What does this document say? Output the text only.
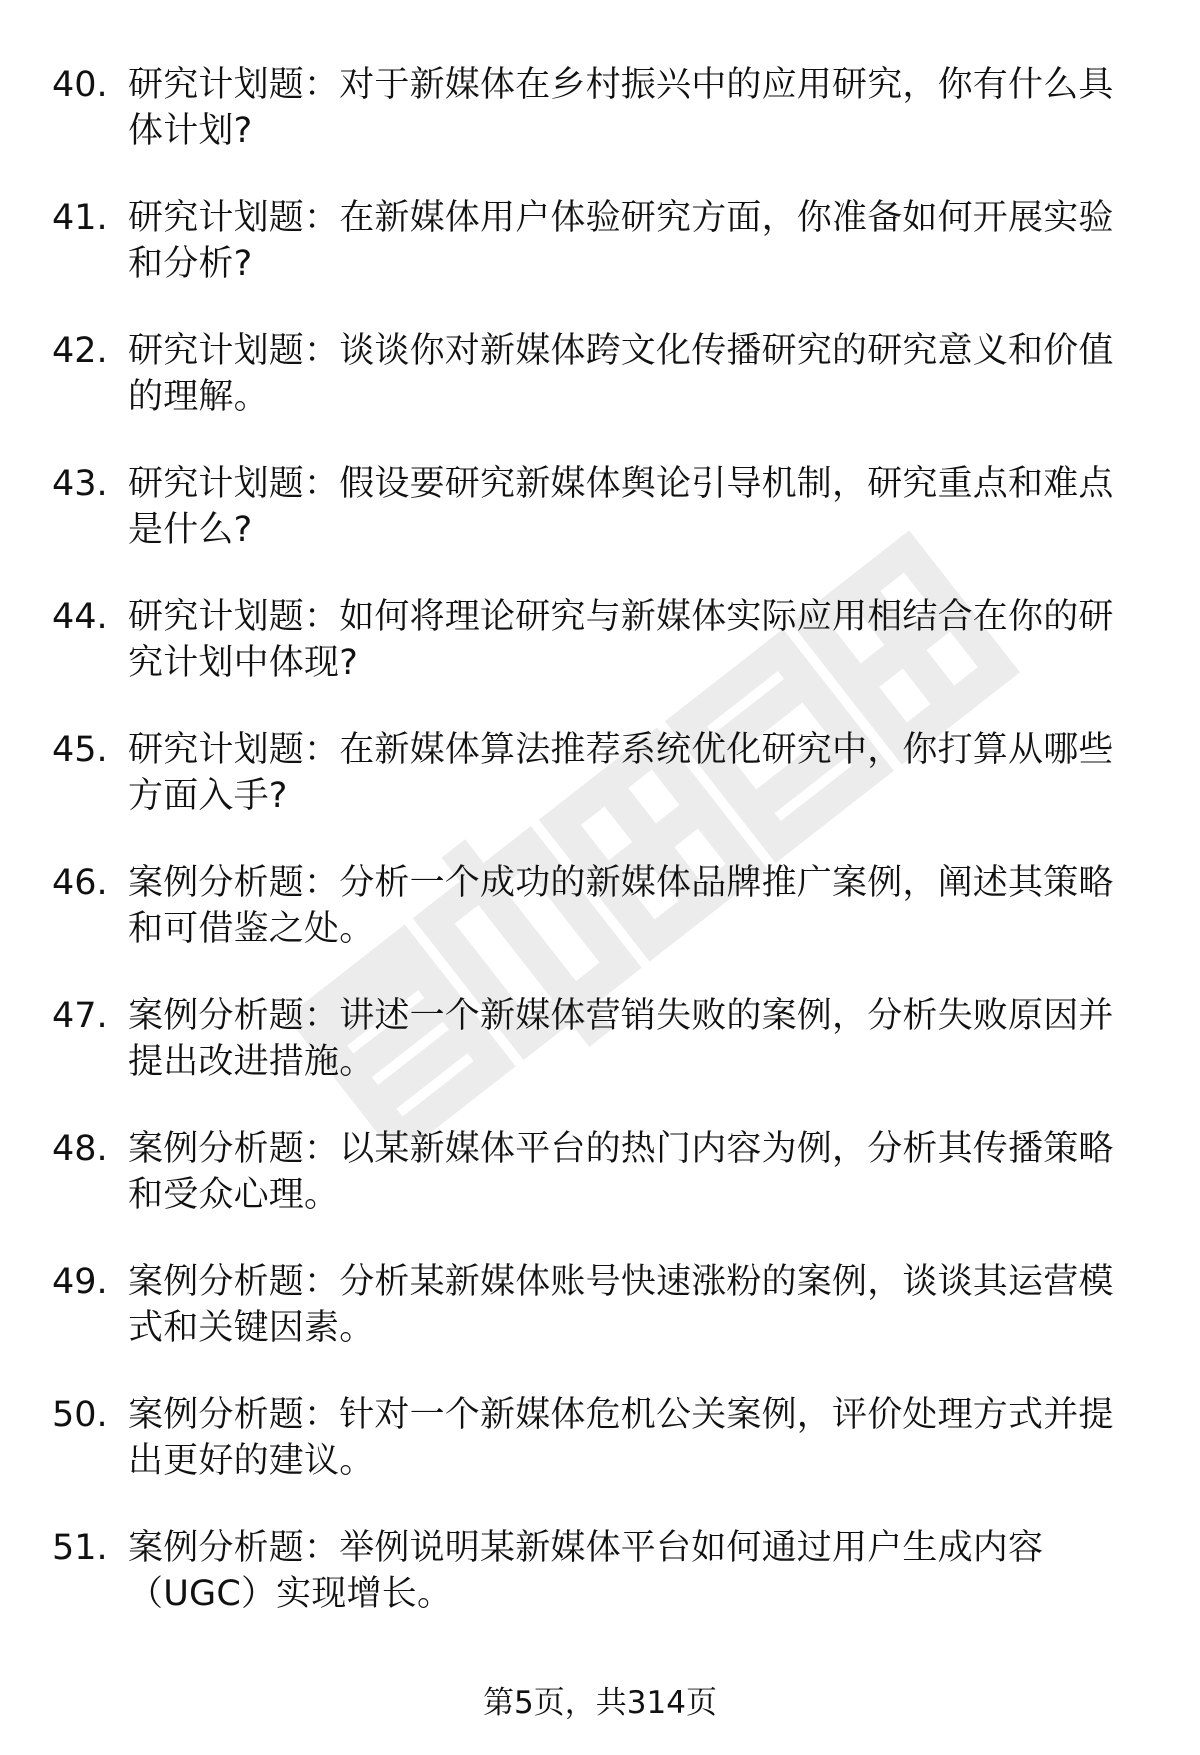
40. 研究计划题：对于新媒体在乡村振兴中的应用研究，你有什么具体计划?
41. 研究计划题：在新媒体用户体验研究方面，你准备如何开展实验和分析?
42. 研究计划题：谈谈你对新媒体跨文化传播研究的研究意义和价值的理解。
43. 研究计划题：假设要研究新媒体舆论引导机制，研究重点和难点是什么?
44. 研究计划题：如何将理论研究与新媒体实际应用相结合在你的研究计划中体现?
45. 研究计划题：在新媒体算法推荐系统优化研究中，你打算从哪些方面入手?
46. 案例分析题：分析一个成功的新媒体品牌推广案例，阐述其策略和可借鉴之处。
47. 案例分析题：讲述一个新媒体营销失败的案例，分析失败原因并提出改进措施。
48. 案例分析题：以某新媒体平台的热门内容为例，分析其传播策略和受众心理。
49. 案例分析题：分析某新媒体账号快速涨粉的案例，谈谈其运营模式和关键因素。
50. 案例分析题：针对一个新媒体危机公关案例，评价处理方式并提出更好的建议。
51. 案例分析题：举例说明某新媒体平台如何通过用户生成内容（UGC）实现增长。
第5页，共314页
